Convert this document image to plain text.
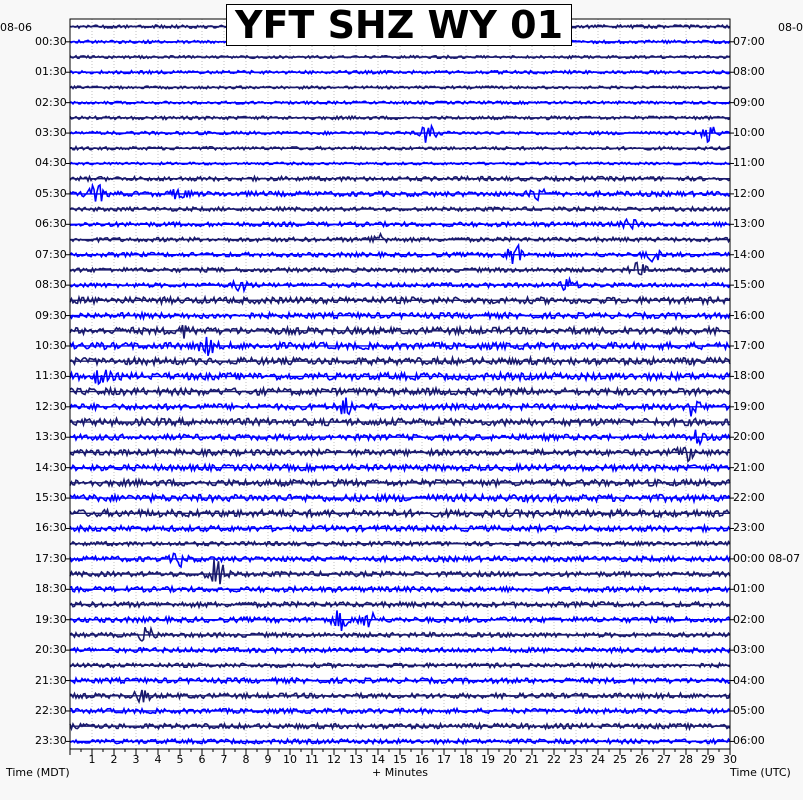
YFT SHZ WY 01
08-06	08-0
Time (MDT)	+ Minutes	Time (UTC)
00:30
01:30
02:30
03:30
04:30
05:30
06:30
07:30
08:30
09:30
10:30
11:30
12:30
13:30
14:30
15:30
16:30
17:30
18:30
19:30
20:30
21:30
22:30
23:30
07:00
08:00
09:00
10:00
11:00
12:00
13:00
14:00
15:00
16:00
17:00
18:00
19:00
20:00
21:00
22:00
23:00
00:00 08-07
01:00
02:00
03:00
04:00
05:00
06:00
1 2 3 4 5 6 7 8 9 10 11 12 13 14 15 16 17 18 19 20 21 22 23 24 25 26 27 28 29 30
